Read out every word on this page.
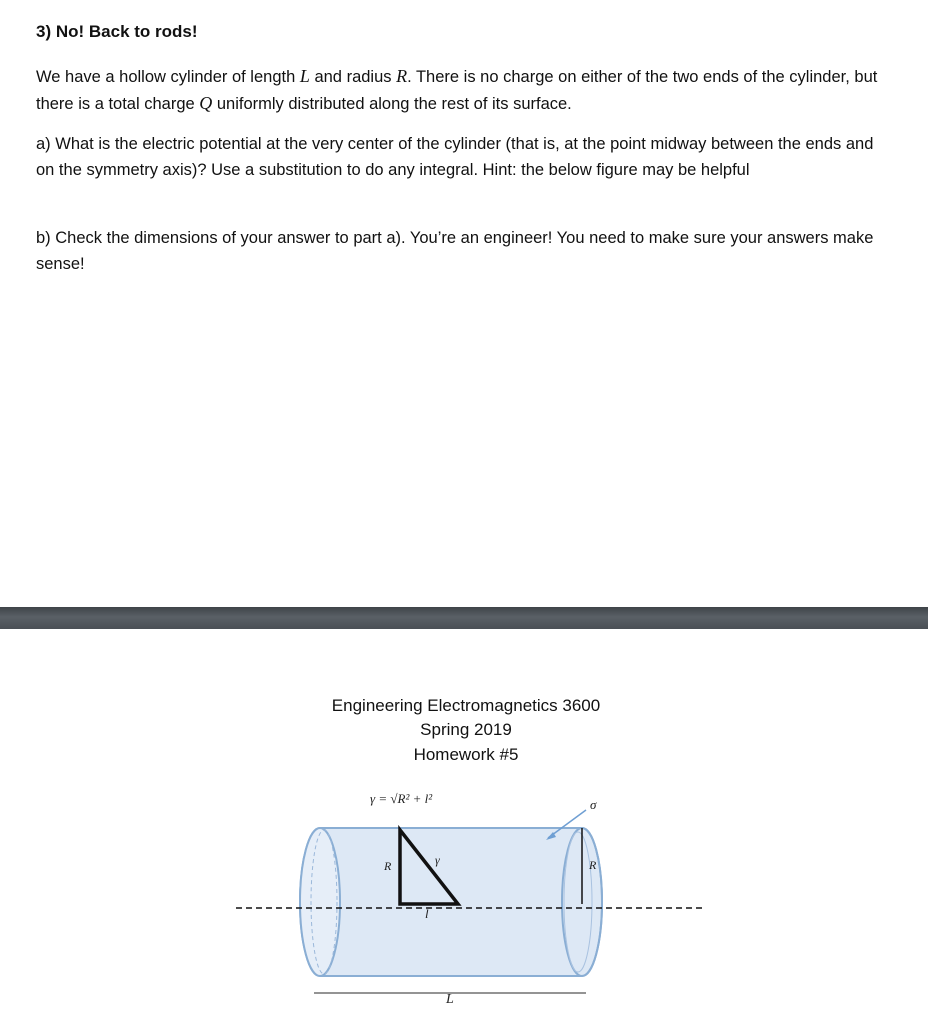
3) No! Back to rods!

We have a hollow cylinder of length L and radius R. There is no charge on either of the two ends of the cylinder, but there is a total charge Q uniformly distributed along the rest of its surface.

a) What is the electric potential at the very center of the cylinder (that is, at the point midway between the ends and on the symmetry axis)? Use a substitution to do any integral. Hint: the below figure may be helpful

b) Check the dimensions of your answer to part a). You’re an engineer! You need to make sure your answers make sense!

Engineering Electromagnetics 3600

Spring 2019

Homework #5

γ = √R² + l²	σ
R	R
γ
l
L
